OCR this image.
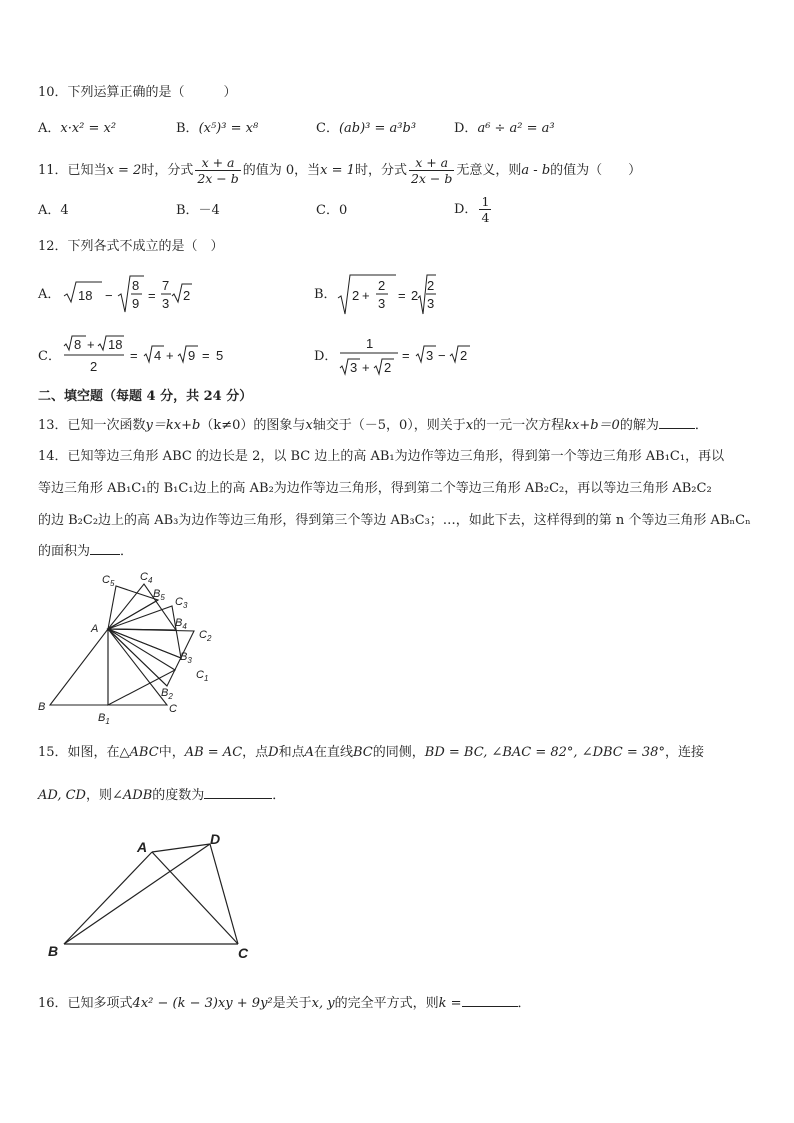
10．下列运算正确的是（　　　）
A．x·x² = x²	B．(x⁵)³ = x⁸	C．(ab)³ = a³b³	D．a⁶ ÷ a² = a³
11．已知当x = 2时，分式 $\frac{x + a}{2x - b}$ 的值为 0，当x = 1时，分式 $\frac{x + a}{2x - b}$ 无意义，则a - b的值为（　　）
A．4	B．－4	C．0	D． $\frac{1}{4}$
12．下列各式不成立的是（　）
A． 18 −
8
9
=
7
3
2	B． 2 +
2
3
= 2
2
3
C．
8 + 18
2
= 4 + 9 = 5	D．
1
3 + 2
= 3 − 2
二、填空题（每题 4 分，共 24 分）
13．已知一次函数y＝kx+b（k≠0）的图象与x轴交于（－5，0），则关于x的一元一次方程kx+b＝0的解为	．
14．已知等边三角形 ABC 的边长是 2，以 BC 边上的高 AB₁为边作等边三角形，得到第一个等边三角形 AB₁C₁，再以
等边三角形 AB₁C₁的 B₁C₁边上的高 AB₂为边作等边三角形，得到第二个等边三角形 AB₂C₂，再以等边三角形 AB₂C₂
的边 B₂C₂边上的高 AB₃为边作等边三角形，得到第三个等边 AB₃C₃；…，如此下去，这样得到的第 n 个等边三角形 ABₙCₙ
的面积为 ．
A
B	C
$B_1$
$C_1$
$B_2$
$C_2$
$B_3$
$C_3$
$B_4$
$C_4$
$B_5$
$C_5$
15．如图，在△ABC中，AB = AC，点D和点A在直线BC的同侧，BD = BC, ∠BAC = 82°, ∠DBC = 38°，连接
AD, CD，则∠ADB的度数为	．
A	D
B	C
16．已知多项式4x² − (k − 3)xy + 9y²是关于x, y的完全平方式，则k =	．
